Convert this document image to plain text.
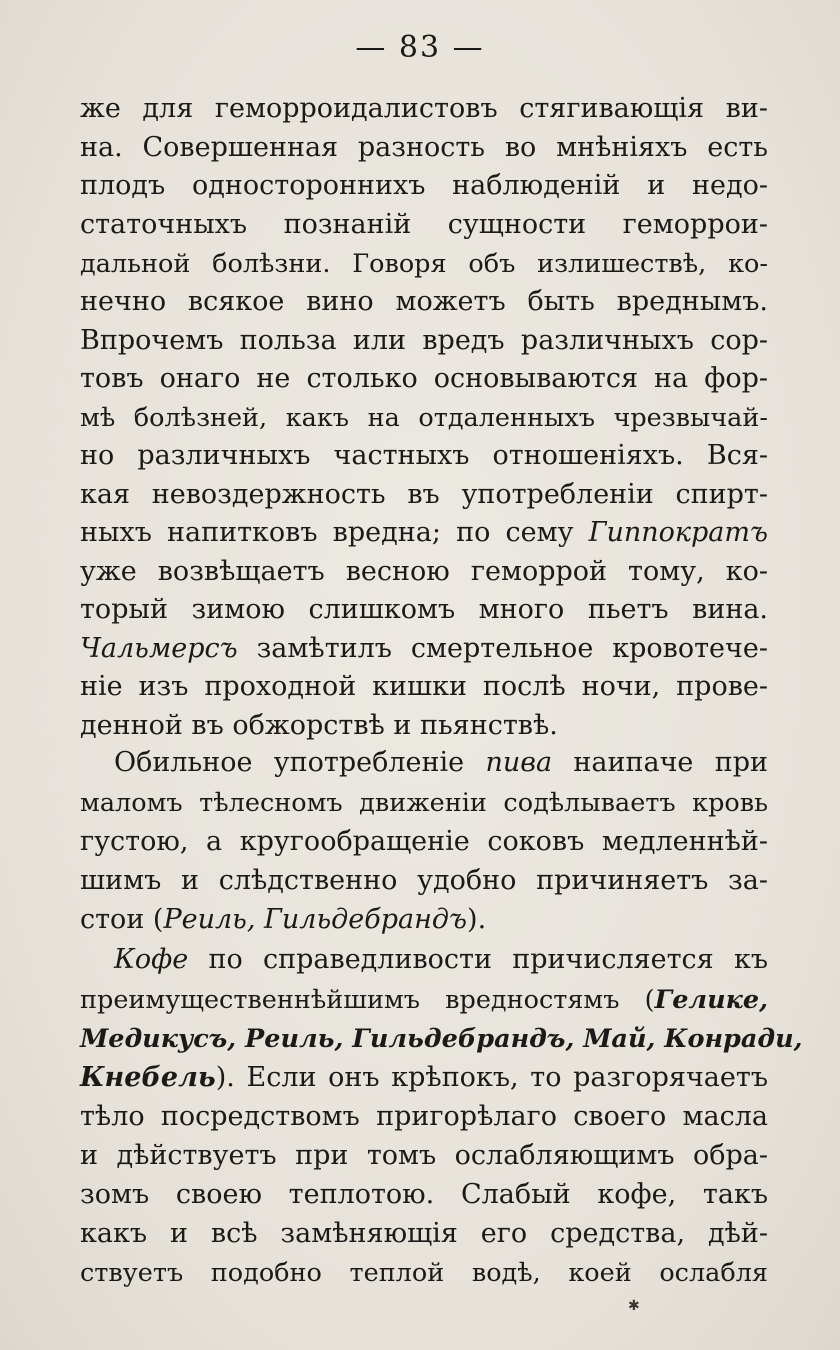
— 83 —
же для геморроидалистовъ стягивающія ви-
на. Совершенная разность во мнѣніяхъ есть
плодъ одностороннихъ наблюденій и недо-
статочныхъ познаній сущности геморрои-
дальной болѣзни. Говоря объ излишествѣ, ко-
нечно всякое вино можетъ быть вреднымъ.
Впрочемъ польза или вредъ различныхъ сор-
товъ онаго не столько основываются на фор-
мѣ болѣзней, какъ на отдаленныхъ чрезвычай-
но различныхъ частныхъ отношеніяхъ. Вся-
кая невоздержность въ употребленіи спирт-
ныхъ напитковъ вредна; по сему Гиппократъ
уже возвѣщаетъ весною геморрой тому, ко-
торый зимою слишкомъ много пьетъ вина.
Чальмерсъ замѣтилъ смертельное кровотече-
ніе изъ проходной кишки послѣ ночи, прове-
денной въ обжорствѣ и пьянствѣ.
Обильное употребленіе пива наипаче при
маломъ тѣлесномъ движеніи содѣлываетъ кровь
густою, а кругообращеніе соковъ медленнѣй-
шимъ и слѣдственно удобно причиняетъ за-
стои (Реиль, Гильдебрандъ).
Кофе по справедливости причисляется къ
преимущественнѣйшимъ вредностямъ (Гелике,
Медикусъ, Реиль, Гильдебрандъ, Май, Конради,
Кнебель). Если онъ крѣпокъ, то разгорячаетъ
тѣло посредствомъ пригорѣлаго своего масла
и дѣйствуетъ при томъ ослабляющимъ обра-
зомъ своею теплотою. Слабый кофе, такъ
какъ и всѣ замѣняющія его средства, дѣй-
ствуетъ подобно теплой водѣ, коей ослабля
✱
